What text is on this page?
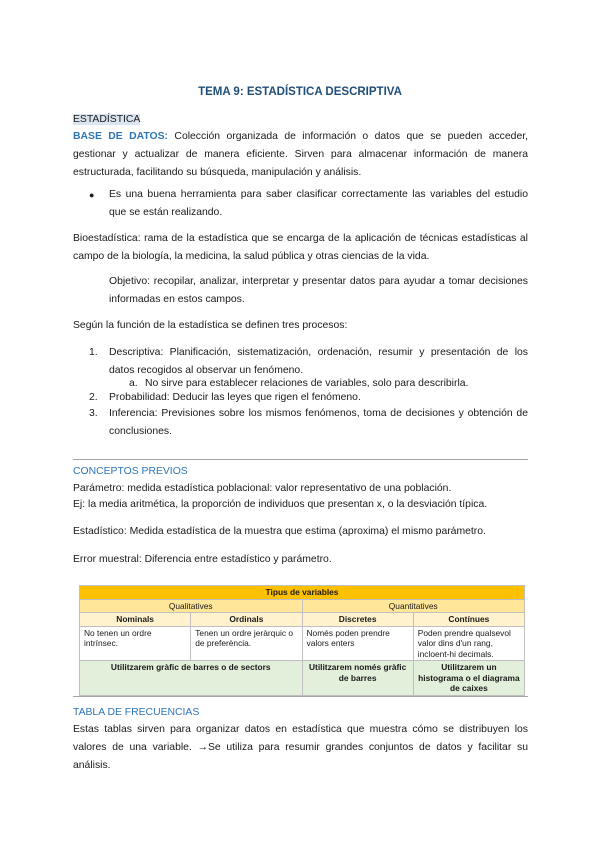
TEMA 9: ESTADÍSTICA DESCRIPTIVA
ESTADÍSTICA
BASE DE DATOS: Colección organizada de información o datos que se pueden acceder, gestionar y actualizar de manera eficiente. Sirven para almacenar información de manera estructurada, facilitando su búsqueda, manipulación y análisis.
● Es una buena herramienta para saber clasificar correctamente las variables del estudio que se están realizando.
Bioestadística: rama de la estadística que se encarga de la aplicación de técnicas estadísticas al campo de la biología, la medicina, la salud pública y otras ciencias de la vida.
Objetivo: recopilar, analizar, interpretar y presentar datos para ayudar a tomar decisiones informadas en estos campos.
Según la función de la estadística se definen tres procesos:
1. Descriptiva: Planificación, sistematización, ordenación, resumir y presentación de los datos recogidos al observar un fenómeno.
a. No sirve para establecer relaciones de variables, solo para describirla.
2. Probabilidad: Deducir las leyes que rigen el fenómeno.
3. Inferencia: Previsiones sobre los mismos fenómenos, toma de decisiones y obtención de conclusiones.
CONCEPTOS PREVIOS
Parámetro: medida estadística poblacional: valor representativo de una población.
Ej: la media aritmética, la proporción de individuos que presentan x, o la desviación típica.
Estadístico: Medida estadística de la muestra que estima (aproxima) el mismo parámetro.
Error muestral: Diferencia entre estadístico y parámetro.
Tipus de variables			
Qualitatives		Quantitatives	
Nominals	Ordinals	Discretes	Contínues
No tenen un ordre intrínsec.	Tenen un ordre jeràrquic o de preferència.	Només poden prendre valors enters	Poden prendre qualsevol valor dins d'un rang, incloent-hi decimals.
Utilitzarem gràfic de barres o de sectors		Utilitzarem només gràfic de barres	Utilitzarem un histograma o el diagrama de caixes
TABLA DE FRECUENCIAS
Estas tablas sirven para organizar datos en estadística que muestra cómo se distribuyen los valores de una variable. →Se utiliza para resumir grandes conjuntos de datos y facilitar su análisis.
